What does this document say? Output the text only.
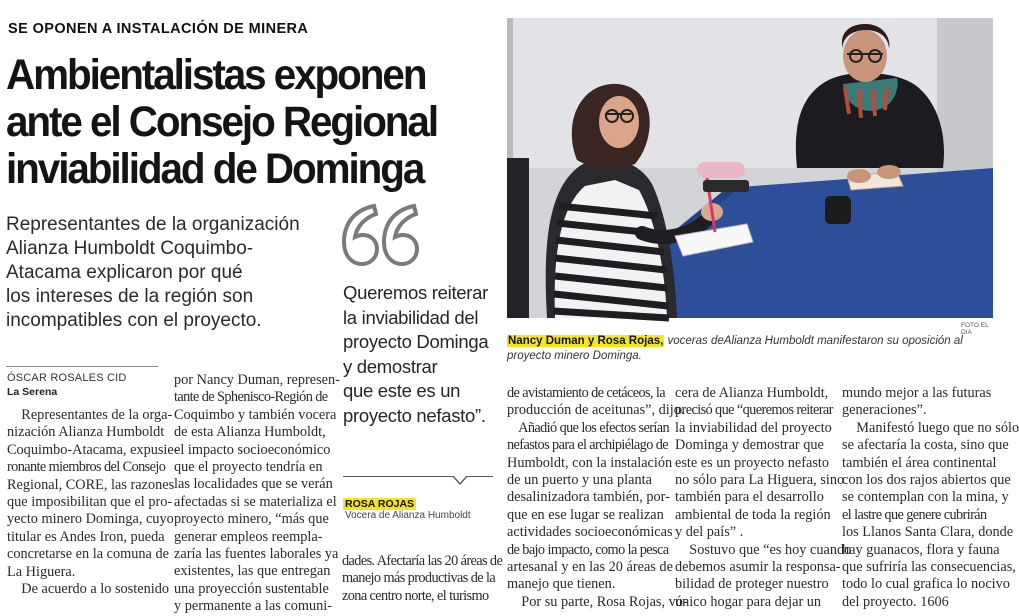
SE OPONEN A INSTALACIÓN DE MINERA
Ambientalistas exponen
ante el Consejo Regional
inviabilidad de Dominga
Representantes de la organización
Alianza Humboldt Coquimbo-
Atacama explicaron por qué
los intereses de la región son
incompatibles con el proyecto.
Queremos reiterar
la inviabilidad del
proyecto Dominga
y demostrar
que este es un
proyecto nefasto”.
ROSA ROJAS
Vocera de Alianza Humboldt
ÓSCAR ROSALES CID
La Serena
Representantes de la orga-
nización Alianza Humboldt
Coquimbo-Atacama, expusie-
ronante miembros del Consejo
Regional, CORE, las razones
que imposibilitan que el pro-
yecto minero Dominga, cuyo
titular es Andes Iron, pueda
concretarse en la comuna de
La Higuera.
De acuerdo a lo sostenido
por Nancy Duman, represen-
tante de Sphenisco-Región de
Coquimbo y también vocera
de esta Alianza Humboldt,
el impacto socioeconómico
que el proyecto tendría en
las localidades que se verán
afectadas si se materializa el
proyecto minero, “más que
generar empleos reempla-
zaría las fuentes laborales ya
existentes, las que entregan
una proyección sustentable
y permanente a las comuni-
dades. Afectaría las 20 áreas de
manejo más productivas de la
zona centro norte, el turismo
FOTO EL DIA
Nancy Duman y Rosa Rojas, voceras deAlianza Humboldt manifestaron su oposición al proyecto minero Dominga.
de avistamiento de cetáceos, la
producción de aceitunas”, dijo.
Añadió que los efectos serían
nefastos para el archipiélago de
Humboldt, con la instalación
de un puerto y una planta
desalinizadora también, por-
que en ese lugar se realizan
actividades socioeconómicas
de bajo impacto, como la pesca
artesanal y en las 20 áreas de
manejo que tienen.
Por su parte, Rosa Rojas, vo-
cera de Alianza Humboldt,
precisó que “queremos reiterar
la inviabilidad del proyecto
Dominga y demostrar que
este es un proyecto nefasto
no sólo para La Higuera, sino
también para el desarrollo
ambiental de toda la región
y del país” .
Sostuvo que “es hoy cuando
debemos asumir la responsa-
bilidad de proteger nuestro
único hogar para dejar un
mundo mejor a las futuras
generaciones”.
Manifestó luego que no sólo
se afectaría la costa, sino que
también el área continental
con los dos rajos abiertos que
se contemplan con la mina, y
el lastre que genere cubrirán
los Llanos Santa Clara, donde
hay guanacos, flora y fauna
que sufriría las consecuencias,
todo lo cual grafica lo nocivo
del proyecto. 1606
